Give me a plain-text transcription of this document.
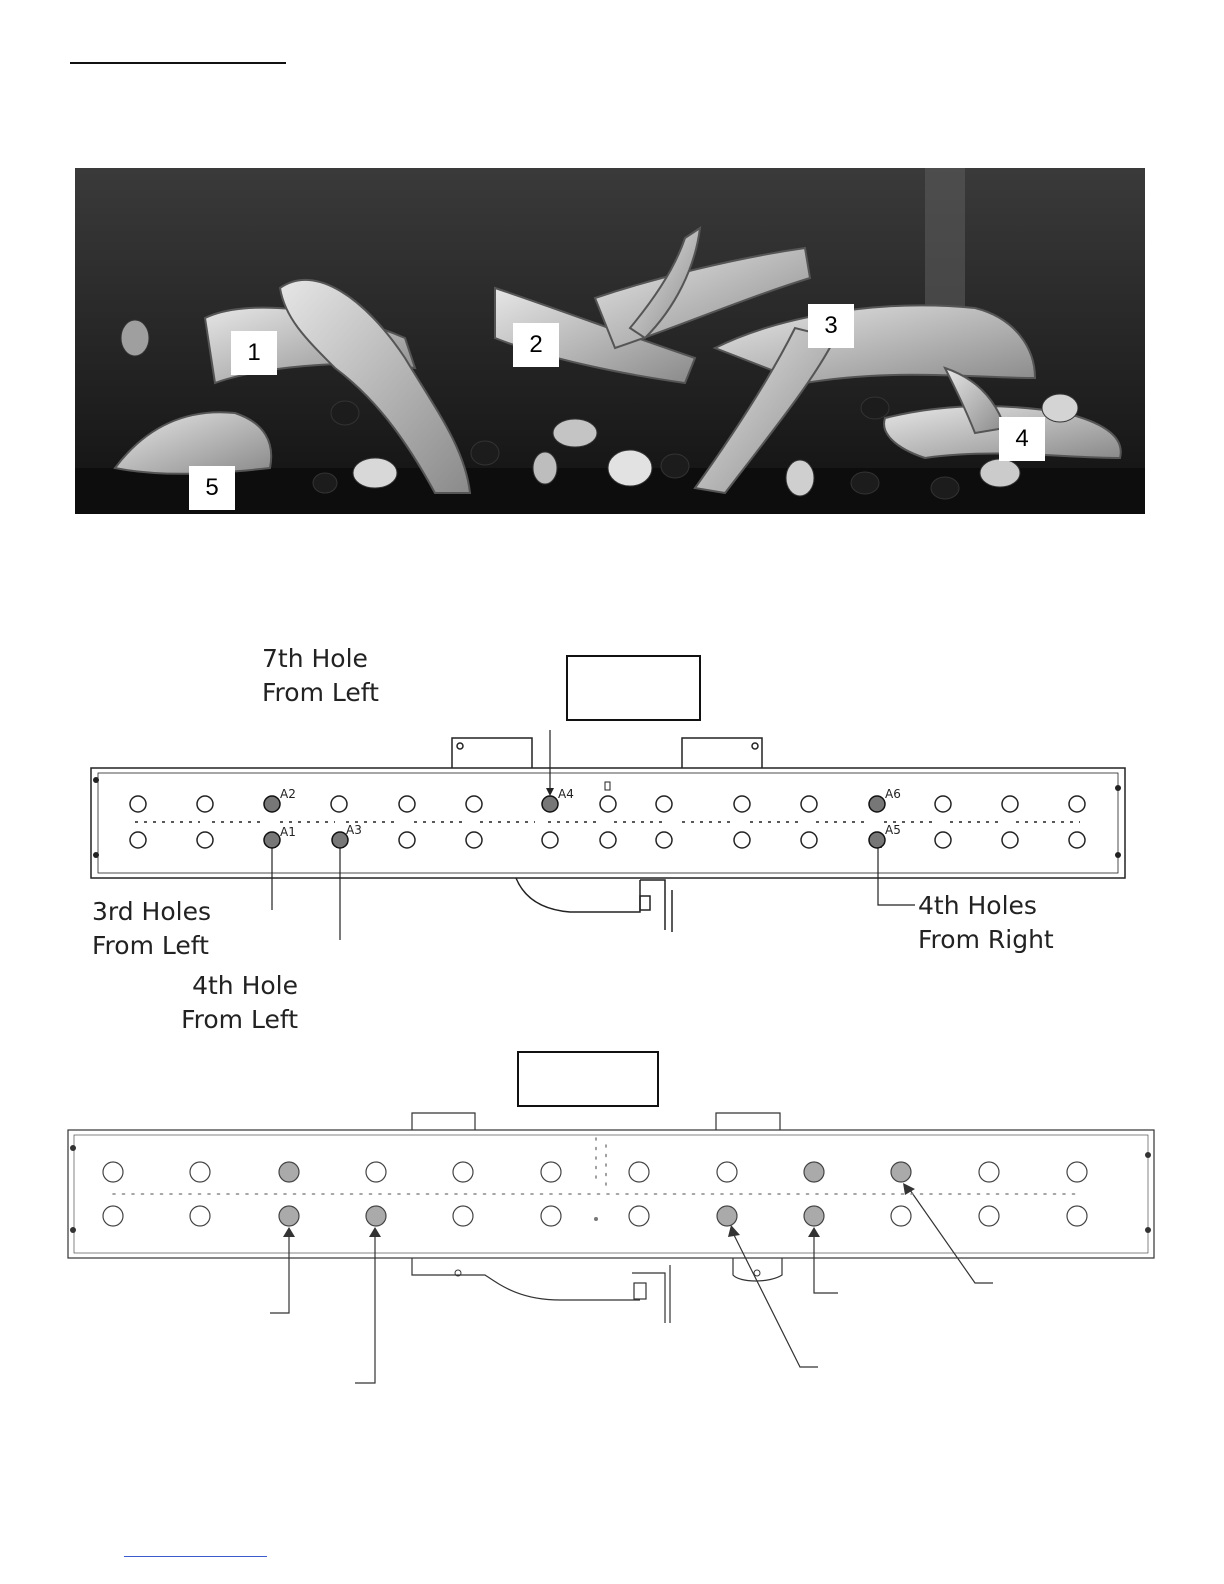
1	2
3
4
5
7th Hole
From Left
3rd Holes
From Left
4th Hole
From Left
4th Holes
From Right
A1
A2
A3
A4
A5
A6
